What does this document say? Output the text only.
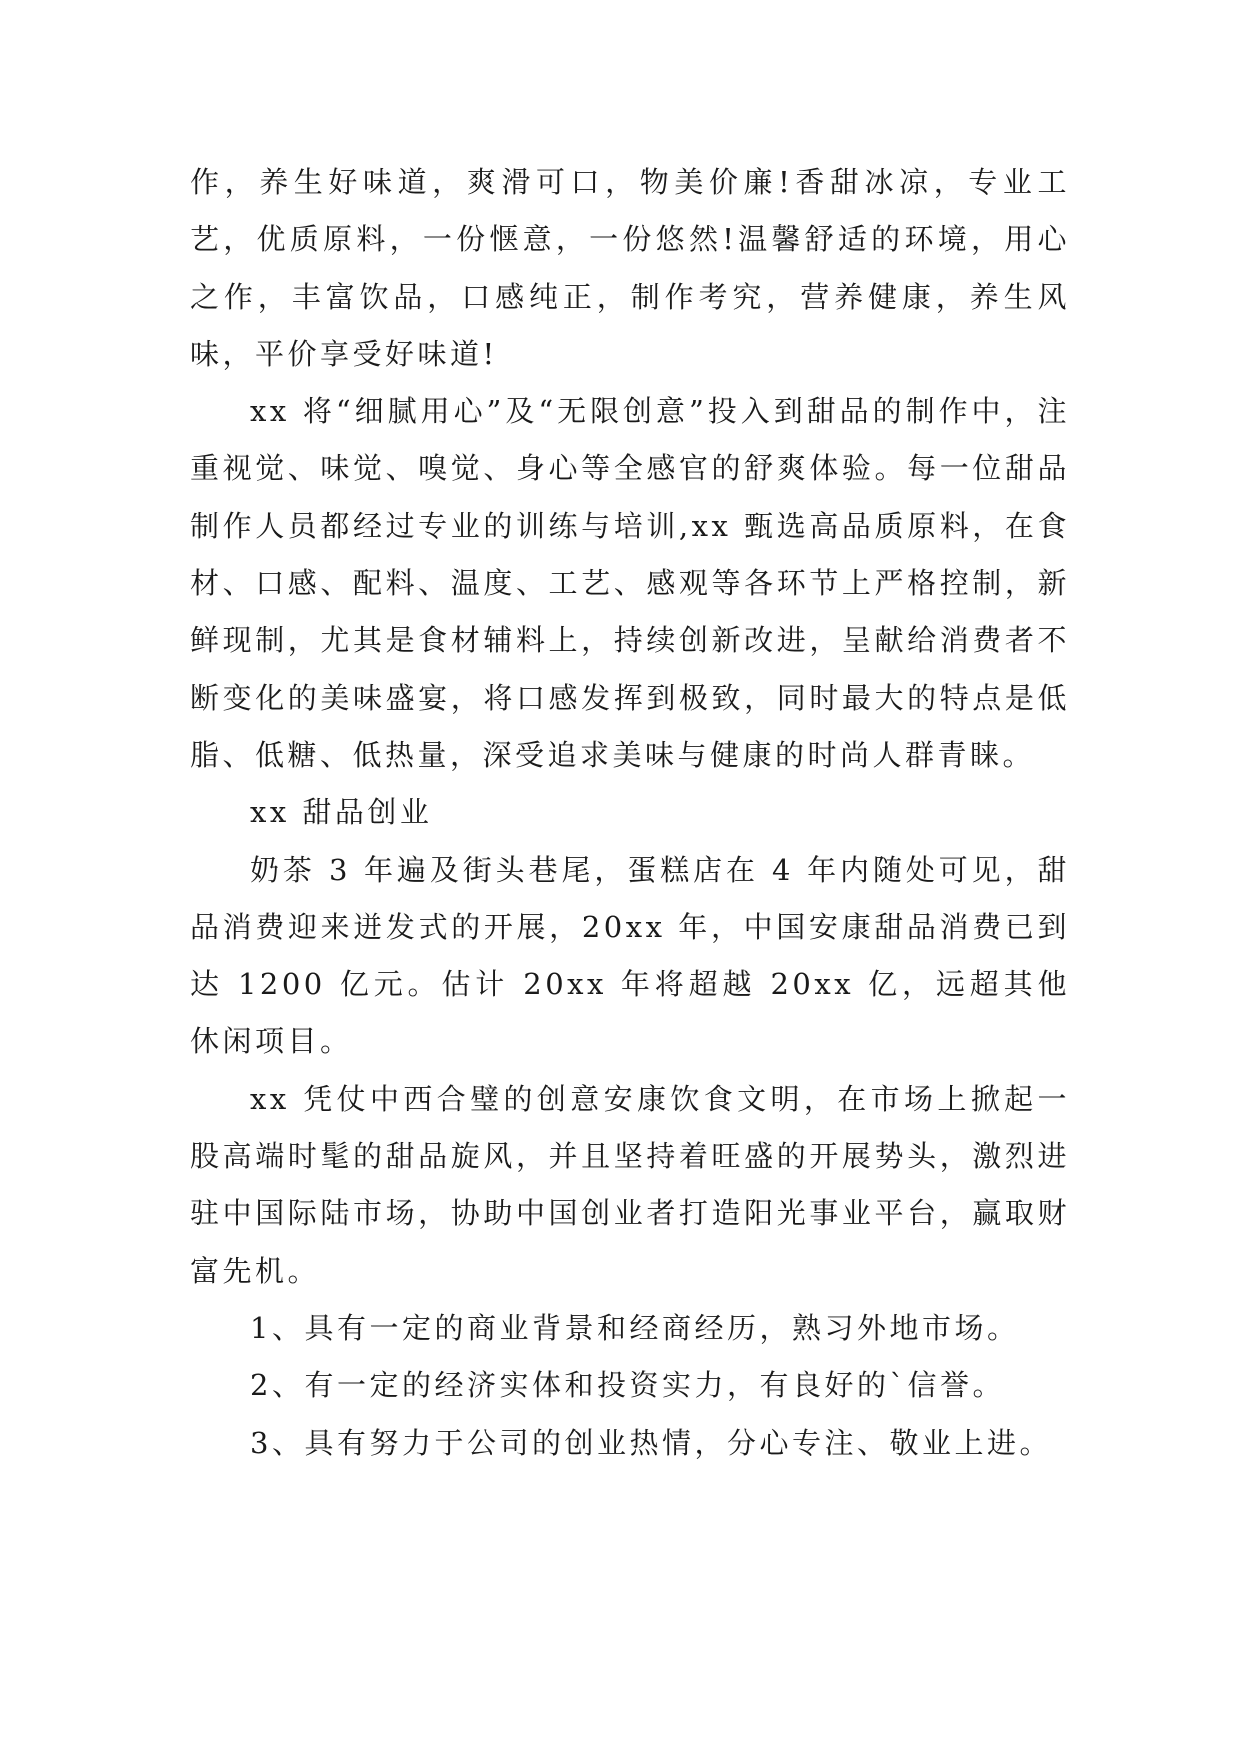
作，养生好味道，爽滑可口，物美价廉!香甜冰凉，专业工艺，优质原料，一份惬意，一份悠然!温馨舒适的环境，用心之作，丰富饮品，口感纯正，制作考究，营养健康，养生风味，平价享受好味道!

xx 将“细腻用心”及“无限创意”投入到甜品的制作中，注重视觉、味觉、嗅觉、身心等全感官的舒爽体验。每一位甜品制作人员都经过专业的训练与培训,xx 甄选高品质原料，在食材、口感、配料、温度、工艺、感观等各环节上严格控制，新鲜现制，尤其是食材辅料上，持续创新改进，呈献给消费者不断变化的美味盛宴，将口感发挥到极致，同时最大的特点是低脂、低糖、低热量，深受追求美味与健康的时尚人群青睐。

xx 甜品创业

奶茶 3 年遍及街头巷尾，蛋糕店在 4 年内随处可见，甜品消费迎来迸发式的开展，20xx 年，中国安康甜品消费已到达 1200 亿元。估计 20xx 年将超越 20xx 亿，远超其他休闲项目。

xx 凭仗中西合璧的创意安康饮食文明，在市场上掀起一股高端时髦的甜品旋风，并且坚持着旺盛的开展势头，激烈进驻中国际陆市场，协助中国创业者打造阳光事业平台，赢取财富先机。

1、具有一定的商业背景和经商经历，熟习外地市场。

2、有一定的经济实体和投资实力，有良好的`信誉。

3、具有努力于公司的创业热情，分心专注、敬业上进。
